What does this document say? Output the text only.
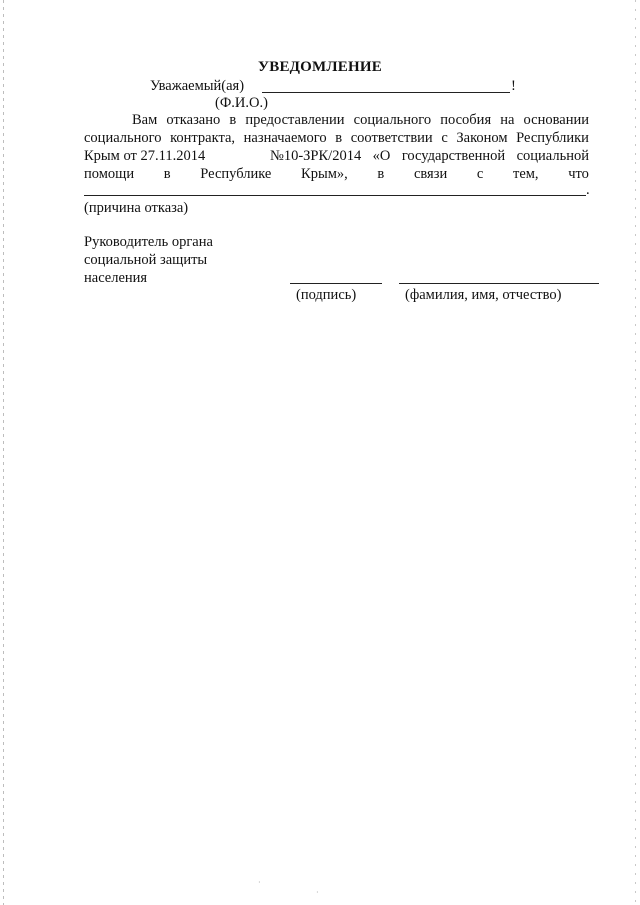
УВЕДОМЛЕНИЕ
Уважаемый(ая)	!
(Ф.И.О.)
Вам отказано в предоставлении социального пособия на основании
социального контракта, назначаемого в соответствии с Законом Республики
Крым от 27.11.2014	№10-ЗРК/2014 «О государственной социальной
помощи в Республике Крым», в связи с тем, что
.
(причина отказа)
Руководитель органа
социальной защиты
населения
(подпись)	(фамилия, имя, отчество)
·
·
